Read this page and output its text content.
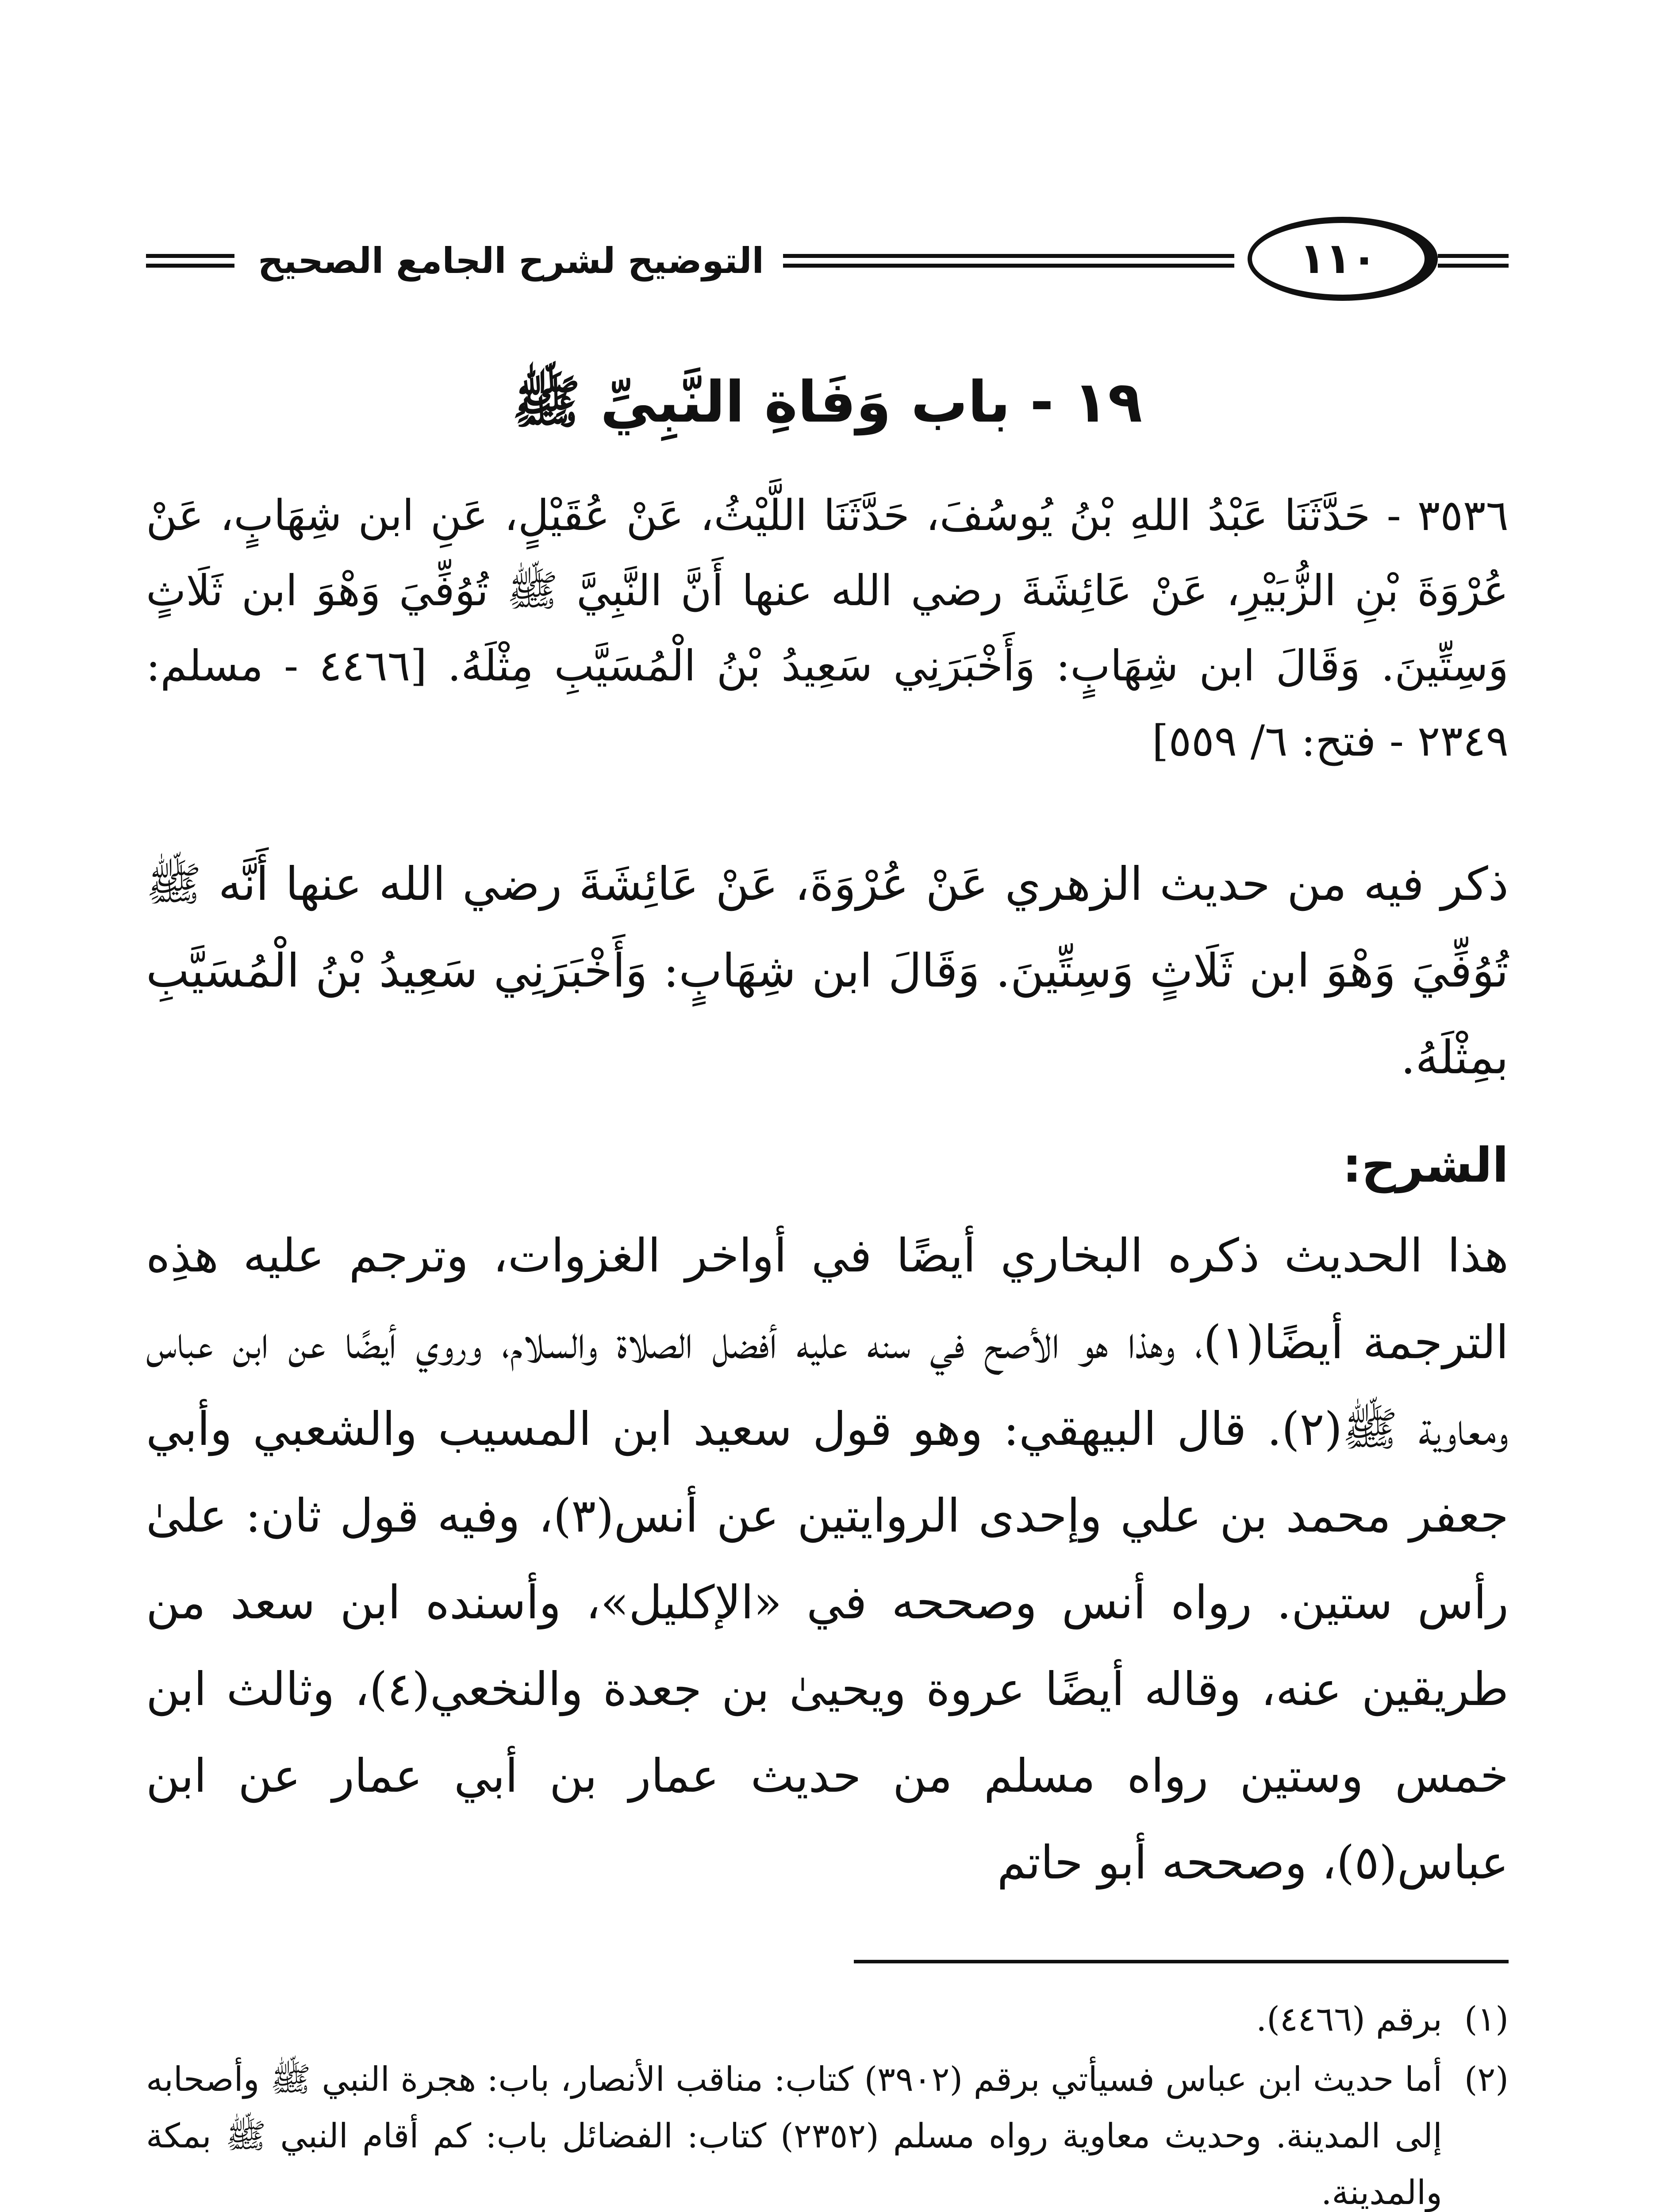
التوضيح لشرح الجامع الصحيح	١١٠
١٩ - باب وَفَاةِ النَّبِيِّ ﷺ
٣٥٣٦ - حَدَّثَنَا عَبْدُ اللهِ بْنُ يُوسُفَ، حَدَّثَنَا اللَّيْثُ، عَنْ عُقَيْلٍ، عَنِ ابن شِهَابٍ، عَنْ عُرْوَةَ بْنِ الزُّبَيْرِ، عَنْ عَائِشَةَ رضي الله عنها أَنَّ النَّبِيَّ ﷺ تُوُفِّيَ وَهْوَ ابن ثَلَاثٍ وَسِتِّينَ. وَقَالَ ابن شِهَابٍ: وَأَخْبَرَنِي سَعِيدُ بْنُ الْمُسَيَّبِ مِثْلَهُ. [٤٤٦٦ - مسلم: ٢٣٤٩ - فتح: ٦/ ٥٥٩]
ذكر فيه من حديث الزهري عَنْ عُرْوَةَ، عَنْ عَائِشَةَ رضي الله عنها أَنَّه ﷺ تُوُفِّيَ وَهْوَ ابن ثَلَاثٍ وَسِتِّينَ. وَقَالَ ابن شِهَابٍ: وَأَخْبَرَنِي سَعِيدُ بْنُ الْمُسَيَّبِ بمِثْلَهُ.
الشرح:
هذا الحديث ذكره البخاري أيضًا في أواخر الغزوات، وترجم عليه هذِه الترجمة أيضًا(١)، وهذا هو الأصح في سنه عليه أفضل الصلاة والسلام، وروي أيضًا عن ابن عباس ومعاوية ﷺ(٢). قال البيهقي: وهو قول سعيد ابن المسيب والشعبي وأبي جعفر محمد بن علي وإحدى الروايتين عن أنس(٣)، وفيه قول ثان: علىٰ رأس ستين. رواه أنس وصححه في «الإكليل»، وأسنده ابن سعد من طريقين عنه، وقاله أيضًا عروة ويحيىٰ بن جعدة والنخعي(٤)، وثالث ابن خمس وستين رواه مسلم من حديث عمار بن أبي عمار عن ابن عباس(٥)، وصححه أبو حاتم
(١)
برقم (٤٤٦٦).
(٢)
أما حديث ابن عباس فسيأتي برقم (٣٩٠٢) كتاب: مناقب الأنصار، باب: هجرة النبي ﷺ وأصحابه إلى المدينة. وحديث معاوية رواه مسلم (٢٣٥٢) كتاب: الفضائل باب: كم أقام النبي ﷺ بمكة والمدينة.
